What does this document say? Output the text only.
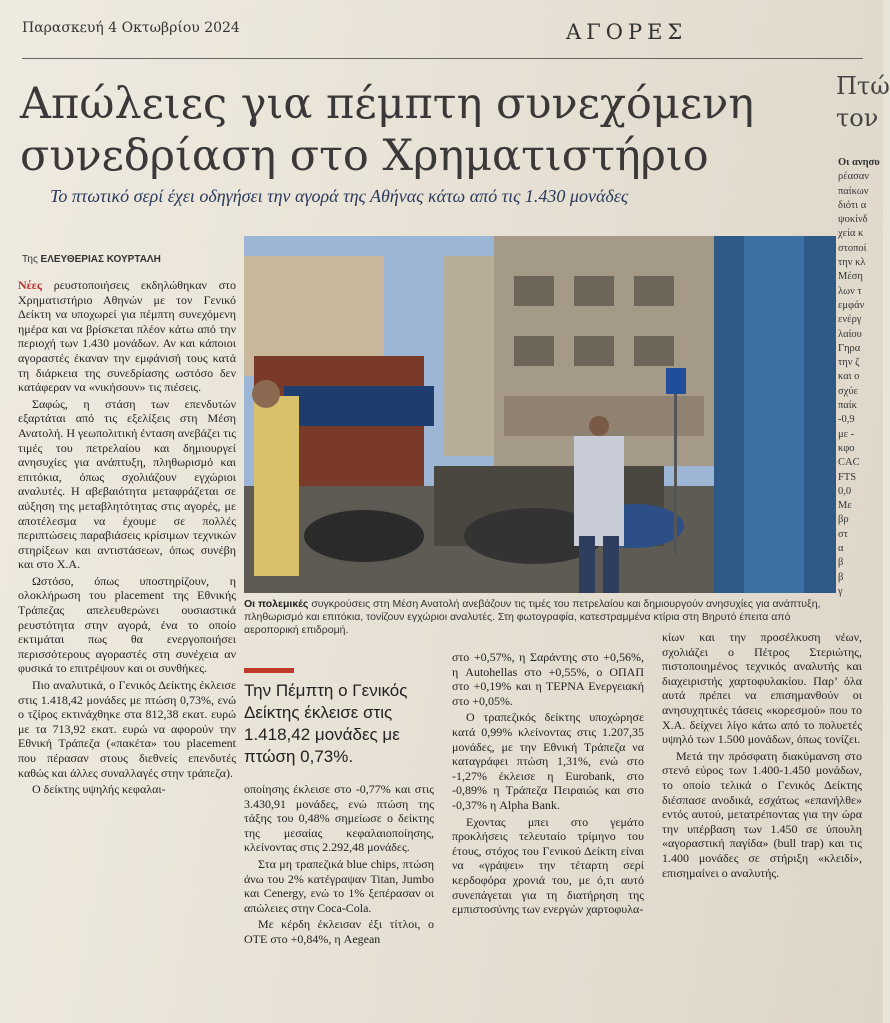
Παρασκευή 4 Οκτωβρίου 2024	ΑΓΟΡΕΣ
Απώλειες για πέμπτη συνεχόμενη
συνεδρίαση στο Χρηματιστήριο

Το πτωτικό σερί έχει οδηγήσει την αγορά της Αθήνας κάτω από τις 1.430 μονάδες

Της ΕΛΕΥΘΕΡΙΑΣ ΚΟΥΡΤΑΛΗ

Νέες ρευστοποιήσεις εκδηλώθηκαν στο Χρηματιστήριο Αθηνών με τον Γενικό Δείκτη να υποχωρεί για πέμπτη συνεχόμενη ημέρα και να βρίσκεται πλέον κάτω από την περιοχή των 1.430 μονάδων. Αν και κάποιοι αγοραστές έκαναν την εμφάνισή τους κατά τη διάρκεια της συνεδρίασης ωστόσο δεν κατάφεραν να «νικήσουν» τις πιέσεις.

Σαφώς, η στάση των επενδυτών εξαρτάται από τις εξελίξεις στη Μέση Ανατολή. Η γεωπολιτική ένταση ανεβάζει τις τιμές του πετρελαίου και δημιουργεί ανησυχίες για ανάπτυξη, πληθωρισμό και επιτόκια, όπως σχολιάζουν εγχώριοι αναλυτές. Η αβεβαιότητα μεταφράζεται σε αύξηση της μεταβλητότητας στις αγορές, με αποτέλεσμα να έχουμε σε πολλές περιπτώσεις παραβιάσεις κρίσιμων τεχνικών στηρίξεων και αντιστάσεων, όπως συνέβη και στο Χ.Α.

Ωστόσο, όπως υποστηρίζουν, η ολοκλήρωση του placement της Εθνικής Τράπεζας απελευθερώνει ουσιαστικά ρευστότητα στην αγορά, ένα το οποίο εκτιμάται πως θα ενεργοποιήσει περισσότερους αγοραστές στη συνέχεια αν φυσικά το επιτρέψουν και οι συνθήκες.

Πιο αναλυτικά, ο Γενικός Δείκτης έκλεισε στις 1.418,42 μονάδες με πτώση 0,73%, ενώ ο τζίρος εκτινάχθηκε στα 812,38 εκατ. ευρώ με τα 713,92 εκατ. ευρώ να αφορούν την Εθνική Τράπεζα («πακέτα» του placement που πέρασαν στους διεθνείς επενδυτές καθώς και άλλες συναλλαγές στην τράπεζα).

Ο δείκτης υψηλής κεφαλαι-

Οι πολεμικές συγκρούσεις στη Μέση Ανατολή ανεβάζουν τις τιμές του πετρελαίου και δημιουργούν ανησυχίες για ανάπτυξη, πληθωρισμό και επιτόκια, τονίζουν εγχώριοι αναλυτές. Στη φωτογραφία, κατεστραμμένα κτίρια στη Βηρυτό έπειτα από αεροπορική επιδρομή.
Την Πέμπτη ο Γενικός Δείκτης έκλεισε στις 1.418,42 μονάδες με πτώση 0,73%.

οποίησης έκλεισε στο -0,77% και στις 3.430,91 μονάδες, ενώ πτώση της τάξης του 0,48% σημείωσε ο δείκτης της μεσαίας κεφαλαιοποίησης, κλείνοντας στις 2.292,48 μονάδες.

Στα μη τραπεζικά blue chips, πτώση άνω του 2% κατέγραψαν Titan, Jumbo και Cenergy, ενώ το 1% ξεπέρασαν οι απώλειες στην Coca-Cola.

Με κέρδη έκλεισαν έξι τίτλοι, ο ΟΤΕ στο +0,84%, η Aegean

στο +0,57%, η Σαράντης στο +0,56%, η Autohellas στο +0,55%, ο ΟΠΑΠ στο +0,19% και η ΤΕΡΝΑ Ενεργειακή στο +0,05%.

Ο τραπεζικός δείκτης υποχώρησε κατά 0,99% κλείνοντας στις 1.207,35 μονάδες, με την Εθνική Τράπεζα να καταγράφει πτώση 1,31%, ενώ στο -1,27% έκλεισε η Eurobank, στο -0,89% η Τράπεζα Πειραιώς και στο -0,37% η Alpha Bank.

Εχοντας μπει στο γεμάτο προκλήσεις τελευταίο τρίμηνο του έτους, στόχος του Γενικού Δείκτη είναι να «γράψει» την τέταρτη σερί κερδοφόρα χρονιά του, με ό,τι αυτό συνεπάγεται για τη διατήρηση της εμπιστοσύνης των ενεργών χαρτοφυλα-

κίων και την προσέλκυση νέων, σχολιάζει ο Πέτρος Στεριώτης, πιστοποιημένος τεχνικός αναλυτής και διαχειριστής χαρτοφυλακίου. Παρ’ όλα αυτά πρέπει να επισημανθούν οι ανησυχητικές τάσεις «κορεσμού» που το Χ.Α. δείχνει λίγο κάτω από το πολυετές υψηλό των 1.500 μονάδων, όπως τονίζει.

Μετά την πρόσφατη διακύμανση στο στενό εύρος των 1.400-1.450 μονάδων, το οποίο τελικά ο Γενικός Δείκτης διέσπασε ανοδικά, εσχάτως «επανήλθε» εντός αυτού, μετατρέποντας για την ώρα την υπέρβαση των 1.450 σε ύπουλη «αγοραστική παγίδα» (bull trap) και τις 1.400 μονάδες σε στήριξη «κλειδί», επισημαίνει ο αναλυτής.

Πτώ
τον
Οι ανησυ
ρέασαν
παίκων
διότι α
ψοκίνδ
χεία κ
στοποί
την κλ
Μέση
λων τ
εμφάν
ενέργ
λαίου
Γηρα
την ζ
και ο
σχύε
παίκ
-0,9
με -
κφο
CAC
FTS
0,0
Με
βρ
στ
α
β
β
γ
